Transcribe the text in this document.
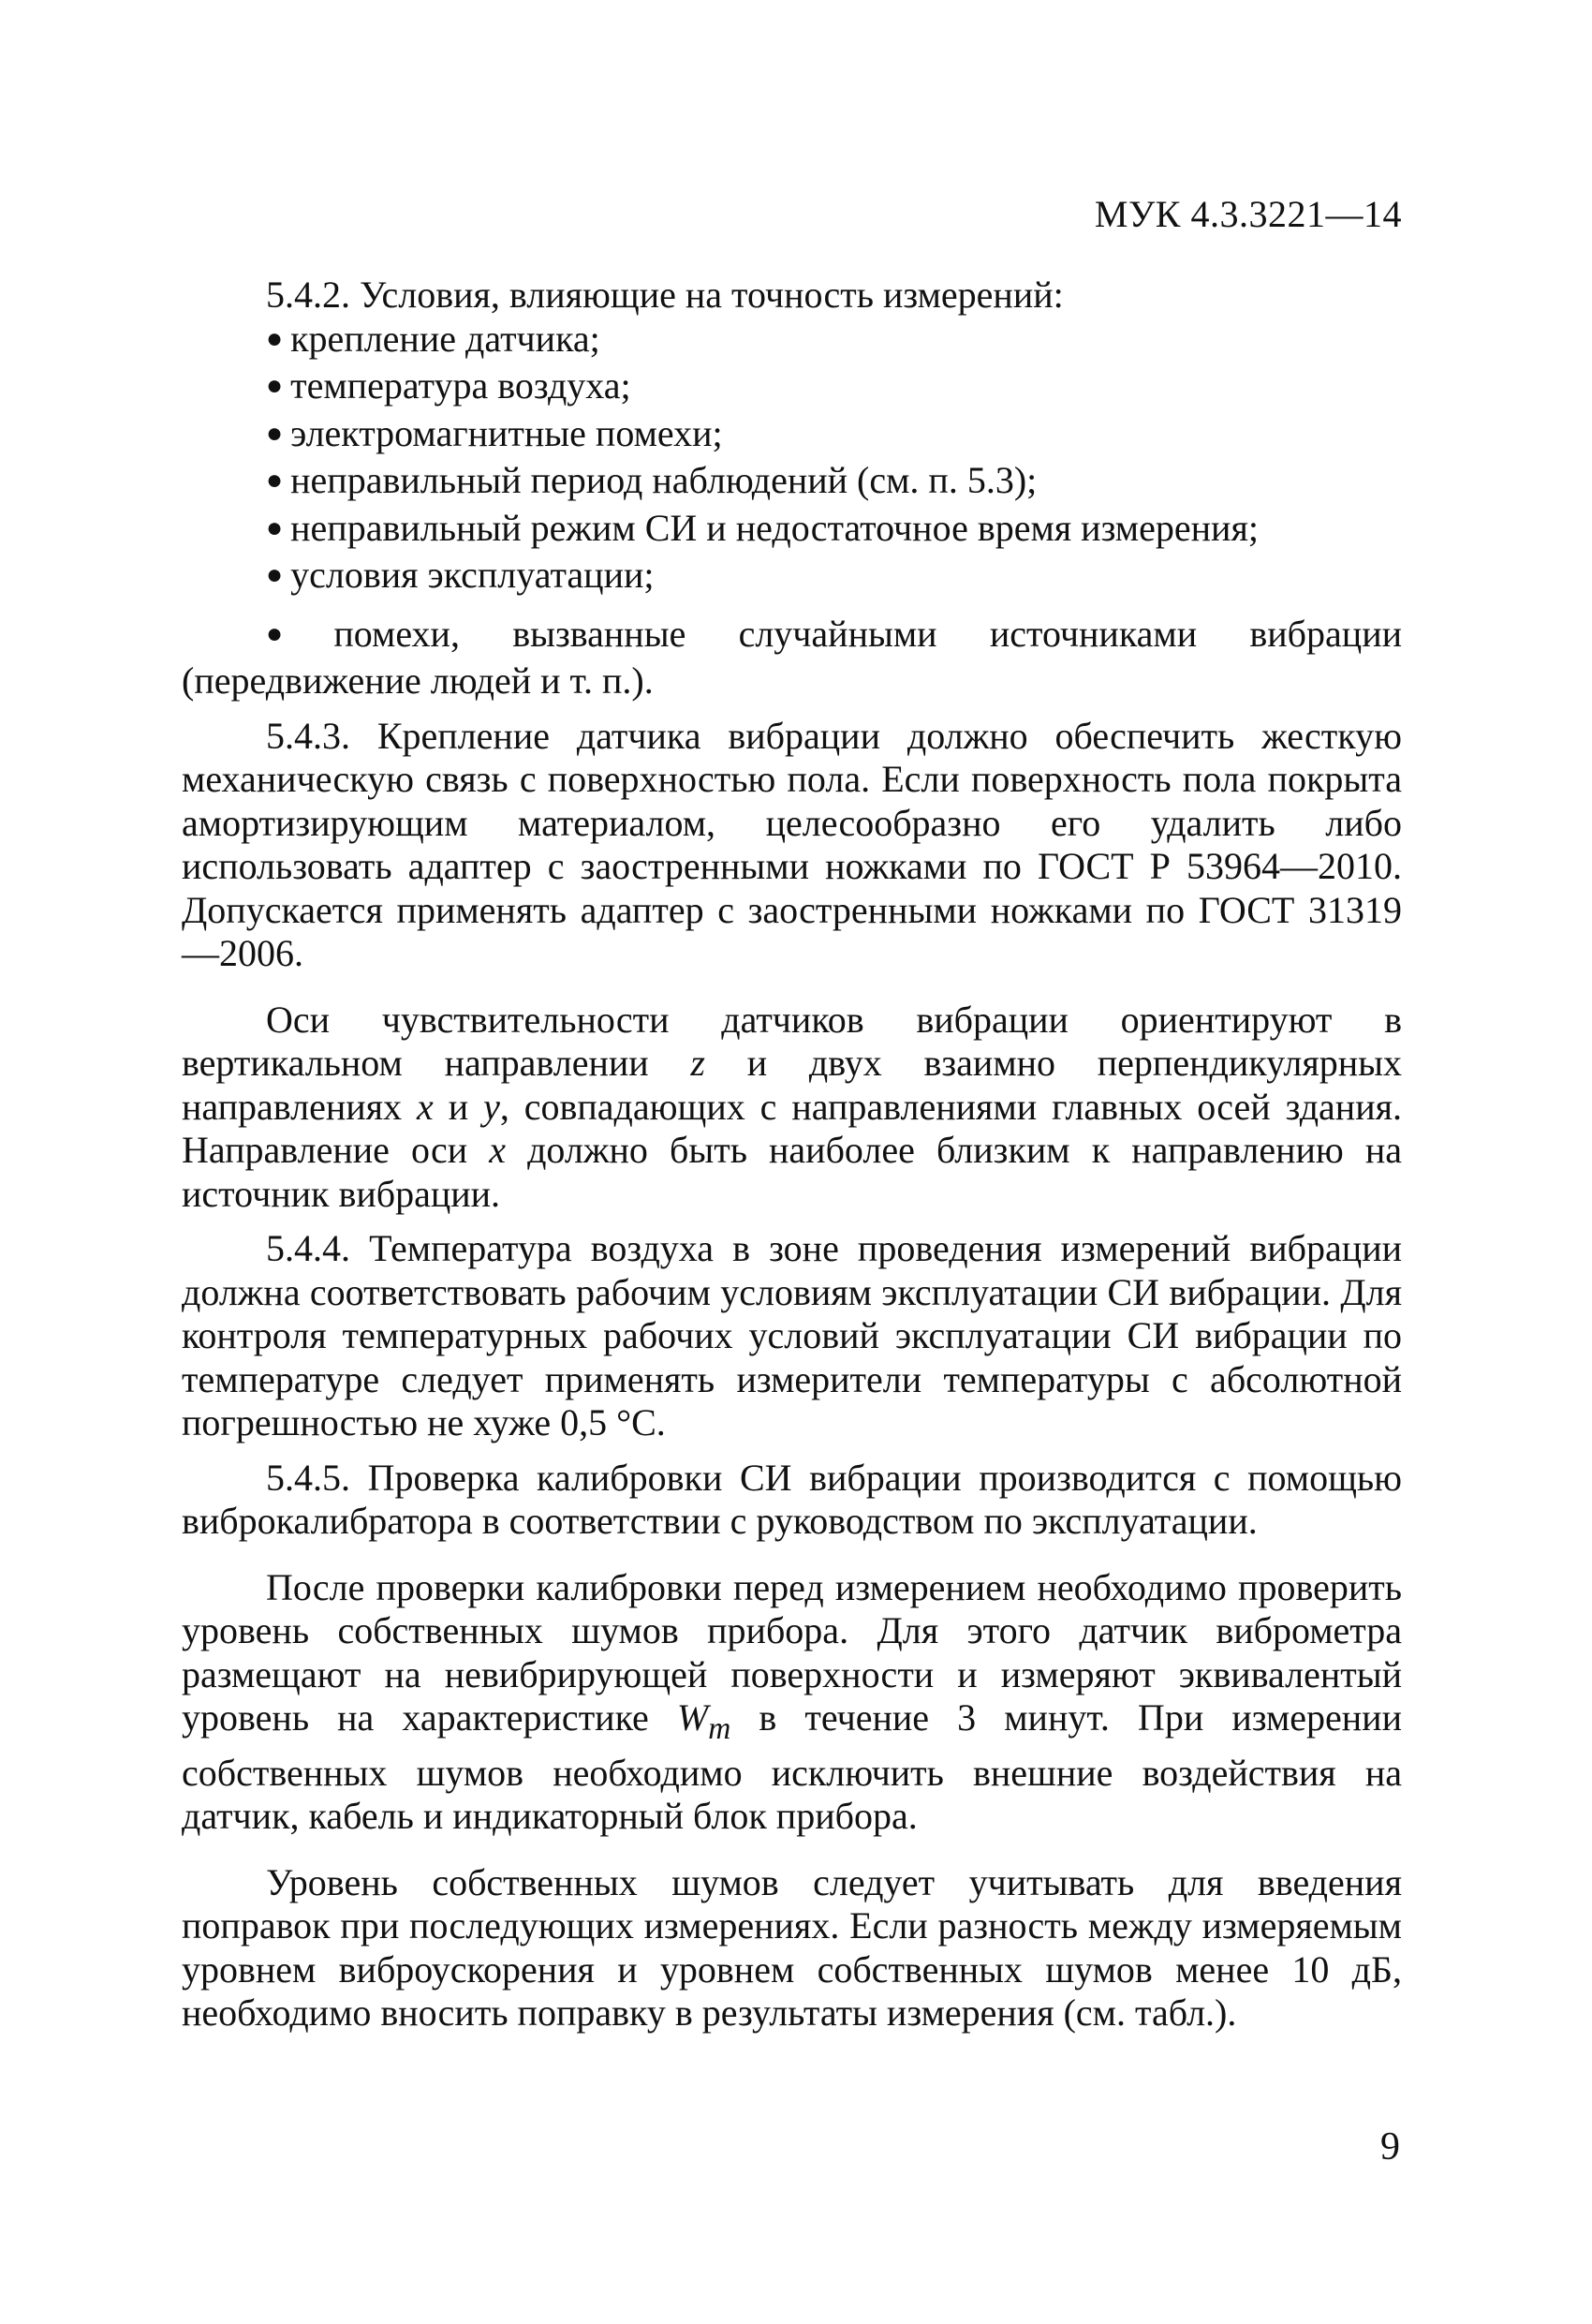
МУК 4.3.3221—14

5.4.2. Условия, влияющие на точность измерений:

● крепление датчика;

● температура воздуха;

● электромагнитные помехи;

● неправильный период наблюдений (см. п. 5.3);

● неправильный режим СИ и недостаточное время измерения;

● условия эксплуатации;

● помехи, вызванные случайными источниками вибрации (передвижение людей и т. п.).

5.4.3. Крепление датчика вибрации должно обеспечить жесткую механическую связь с поверхностью пола. Если поверхность пола покрыта амортизирующим материалом, целесообразно его удалить либо использовать адаптер с заостренными ножками по ГОСТ Р 53964—2010. Допускается применять адаптер с заостренными ножками по ГОСТ 31319—2006.

Оси чувствительности датчиков вибрации ориентируют в вертикальном направлении z и двух взаимно перпендикулярных направлениях x и y, совпадающих с направлениями главных осей здания. Направление оси x должно быть наиболее близким к направлению на источник вибрации.

5.4.4. Температура воздуха в зоне проведения измерений вибрации должна соответствовать рабочим условиям эксплуатации СИ вибрации. Для контроля температурных рабочих условий эксплуатации СИ вибрации по температуре следует применять измерители температуры с абсолютной погрешностью не хуже 0,5 °С.

5.4.5. Проверка калибровки СИ вибрации производится с помощью виброкалибратора в соответствии с руководством по эксплуатации.

После проверки калибровки перед измерением необходимо проверить уровень собственных шумов прибора. Для этого датчик виброметра размещают на невибрирующей поверхности и измеряют эквивалентый уровень на характеристике $W_m$ в течение 3 минут. При измерении собственных шумов необходимо исключить внешние воздействия на датчик, кабель и индикаторный блок прибора.

Уровень собственных шумов следует учитывать для введения поправок при последующих измерениях. Если разность между измеряемым уровнем виброускорения и уровнем собственных шумов менее 10 дБ, необходимо вносить поправку в результаты измерения (см. табл.).

9
